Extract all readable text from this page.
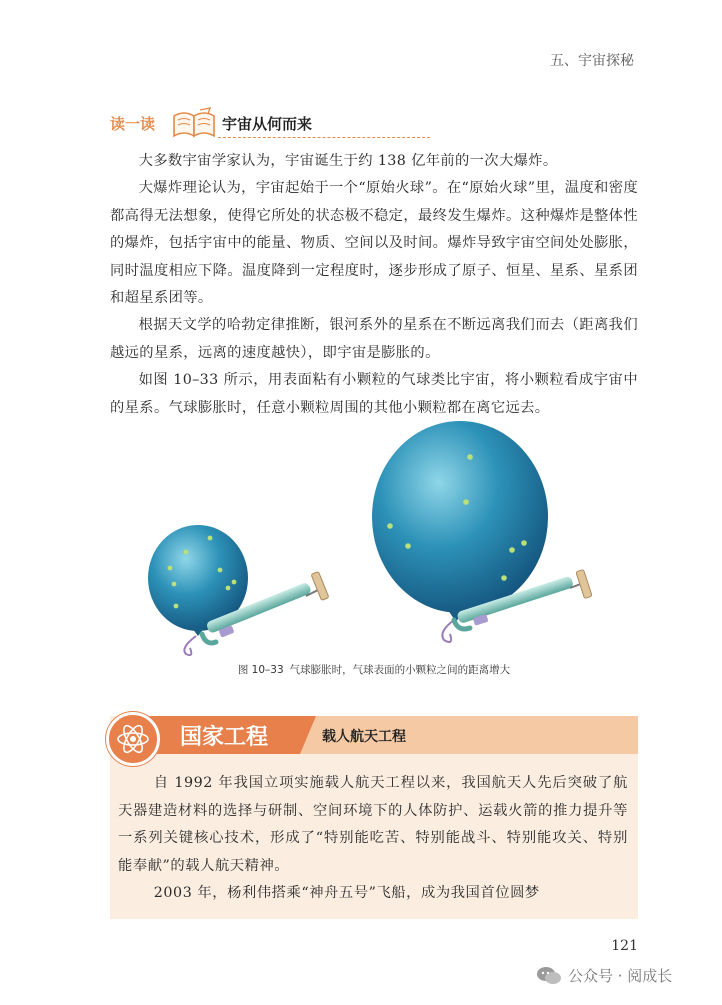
五、宇宙探秘
读一读	宇宙从何而来

大多数宇宙学家认为，宇宙诞生于约 138 亿年前的一次大爆炸。

大爆炸理论认为，宇宙起始于一个“原始火球”。在“原始火球”里，温度和密度都高得无法想象，使得它所处的状态极不稳定，最终发生爆炸。这种爆炸是整体性的爆炸，包括宇宙中的能量、物质、空间以及时间。爆炸导致宇宙空间处处膨胀，同时温度相应下降。温度降到一定程度时，逐步形成了原子、恒星、星系、星系团和超星系团等。

根据天文学的哈勃定律推断，银河系外的星系在不断远离我们而去（距离我们越远的星系，远离的速度越快），即宇宙是膨胀的。

如图 10–33 所示，用表面粘有小颗粒的气球类比宇宙，将小颗粒看成宇宙中的星系。气球膨胀时，任意小颗粒周围的其他小颗粒都在离它远去。

图 10–33 气球膨胀时，气球表面的小颗粒之间的距离增大
国家工程	载人航天工程

自 1992 年我国立项实施载人航天工程以来，我国航天人先后突破了航天器建造材料的选择与研制、空间环境下的人体防护、运载火箭的推力提升等一系列关键核心技术，形成了“特别能吃苦、特别能战斗、特别能攻关、特别能奉献”的载人航天精神。

2003 年，杨利伟搭乘“神舟五号”飞船，成为我国首位圆梦

121
公众号 · 阅成长
